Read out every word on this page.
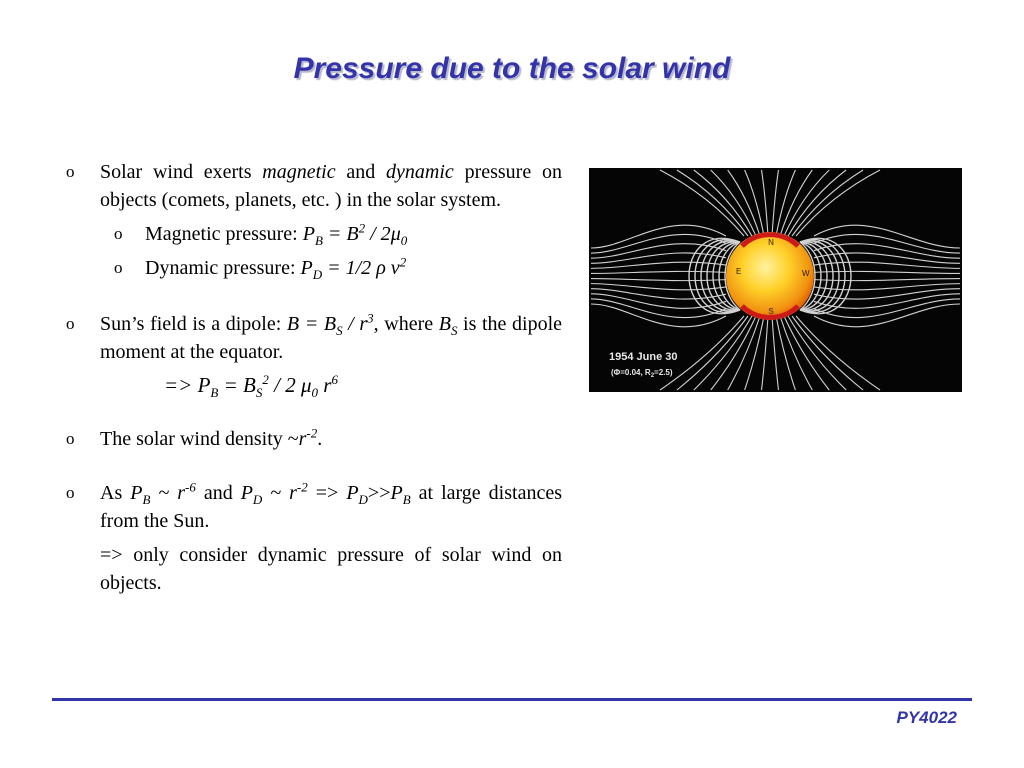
Pressure due to the solar wind
o	Solar wind exerts magnetic and dynamic pressure on objects (comets, planets, etc. ) in the solar system.
o	Magnetic pressure: $P_B = B^2 / 2\mu_0$
o	Dynamic pressure: $P_D = 1/2$ ρ $v^2$
o	Sun’s field is a dipole: $B = B_S / r^3$, where $B_S$ is the dipole moment at the equator.
=> $P_B = B_S^2 / 2$ $\mu_0$ $r^6$
o	The solar wind density $\sim r^{-2}$.
o	As $P_B$ ~ $r^{-6}$ and $P_D$ ~ $r^{-2} => P_D>>P_B$ at large distances from the Sun.
=> only consider dynamic pressure of solar wind on objects.
N
S
E	W
1954 June 30
(Φ=0.04, $R_2=2.5$)
PY4022
